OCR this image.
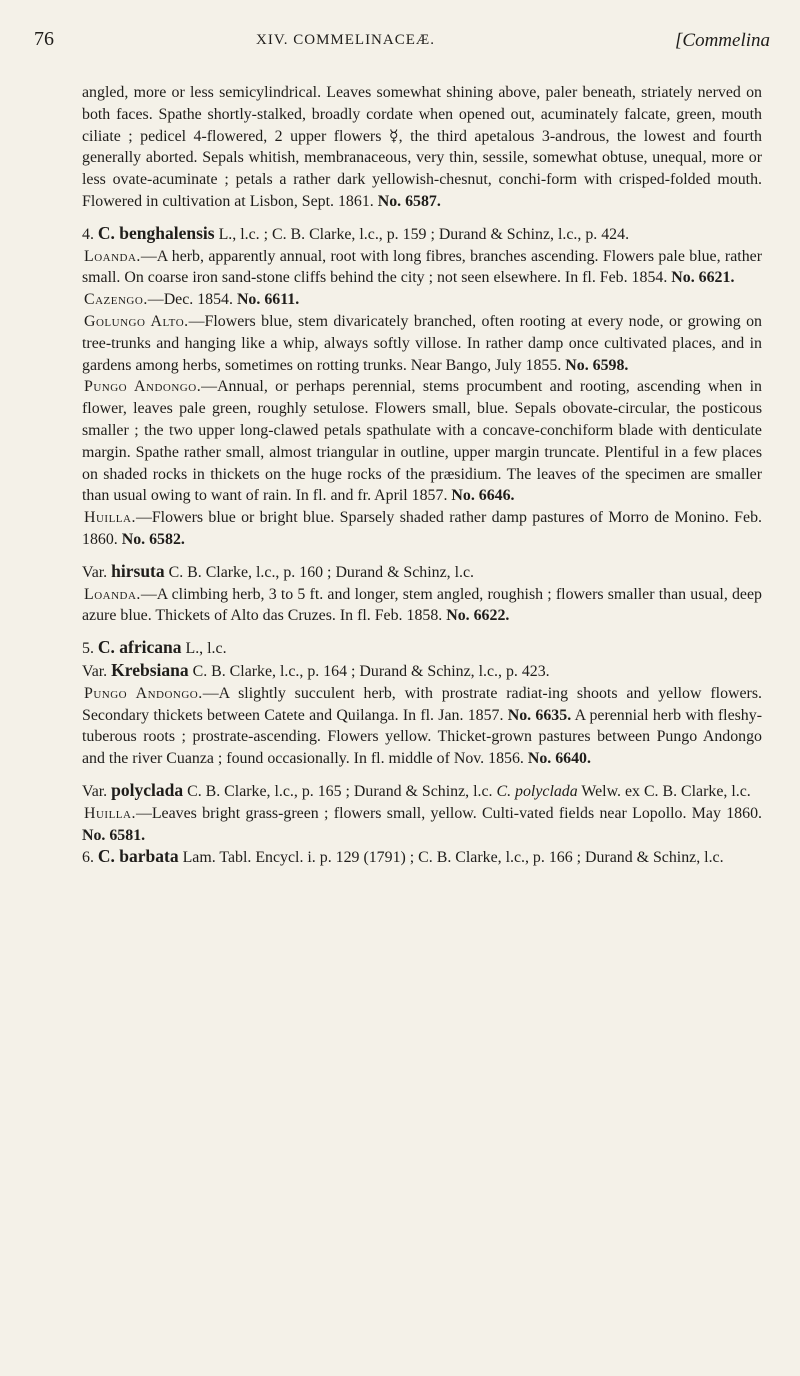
76	XIV. COMMELINACEÆ.	[Commelina

angled, more or less semicylindrical. Leaves somewhat shining above, paler beneath, striately nerved on both faces. Spathe shortly-stalked, broadly cordate when opened out, acuminately falcate, green, mouth ciliate ; pedicel 4-flowered, 2 upper flowers ☿, the third apetalous 3-androus, the lowest and fourth generally aborted. Sepals whitish, membranaceous, very thin, sessile, somewhat obtuse, unequal, more or less ovate-acuminate ; petals a rather dark yellowish-chesnut, conchi-form with crisped-folded mouth. Flowered in cultivation at Lisbon, Sept. 1861. No. 6587.

4. C. benghalensis L., l.c. ; C. B. Clarke, l.c., p. 159 ; Durand & Schinz, l.c., p. 424.

Loanda.—A herb, apparently annual, root with long fibres, branches ascending. Flowers pale blue, rather small. On coarse iron sand-stone cliffs behind the city ; not seen elsewhere. In fl. Feb. 1854. No. 6621.

Cazengo.—Dec. 1854. No. 6611.

Golungo Alto.—Flowers blue, stem divaricately branched, often rooting at every node, or growing on tree-trunks and hanging like a whip, always softly villose. In rather damp once cultivated places, and in gardens among herbs, sometimes on rotting trunks. Near Bango, July 1855. No. 6598.

Pungo Andongo.—Annual, or perhaps perennial, stems procumbent and rooting, ascending when in flower, leaves pale green, roughly setulose. Flowers small, blue. Sepals obovate-circular, the posticous smaller ; the two upper long-clawed petals spathulate with a concave-conchiform blade with denticulate margin. Spathe rather small, almost triangular in outline, upper margin truncate. Plentiful in a few places on shaded rocks in thickets on the huge rocks of the præsidium. The leaves of the specimen are smaller than usual owing to want of rain. In fl. and fr. April 1857. No. 6646.

Huilla.—Flowers blue or bright blue. Sparsely shaded rather damp pastures of Morro de Monino. Feb. 1860. No. 6582.

Var. hirsuta C. B. Clarke, l.c., p. 160 ; Durand & Schinz, l.c.

Loanda.—A climbing herb, 3 to 5 ft. and longer, stem angled, roughish ; flowers smaller than usual, deep azure blue. Thickets of Alto das Cruzes. In fl. Feb. 1858. No. 6622.

5. C. africana L., l.c.

Var. Krebsiana C. B. Clarke, l.c., p. 164 ; Durand & Schinz, l.c., p. 423.

Pungo Andongo.—A slightly succulent herb, with prostrate radiat-ing shoots and yellow flowers. Secondary thickets between Catete and Quilanga. In fl. Jan. 1857. No. 6635. A perennial herb with fleshy-tuberous roots ; prostrate-ascending. Flowers yellow. Thicket-grown pastures between Pungo Andongo and the river Cuanza ; found occasionally. In fl. middle of Nov. 1856. No. 6640.

Var. polyclada C. B. Clarke, l.c., p. 165 ; Durand & Schinz, l.c. C. polyclada Welw. ex C. B. Clarke, l.c.

Huilla.—Leaves bright grass-green ; flowers small, yellow. Culti-vated fields near Lopollo. May 1860. No. 6581.

6. C. barbata Lam. Tabl. Encycl. i. p. 129 (1791) ; C. B. Clarke, l.c., p. 166 ; Durand & Schinz, l.c.
